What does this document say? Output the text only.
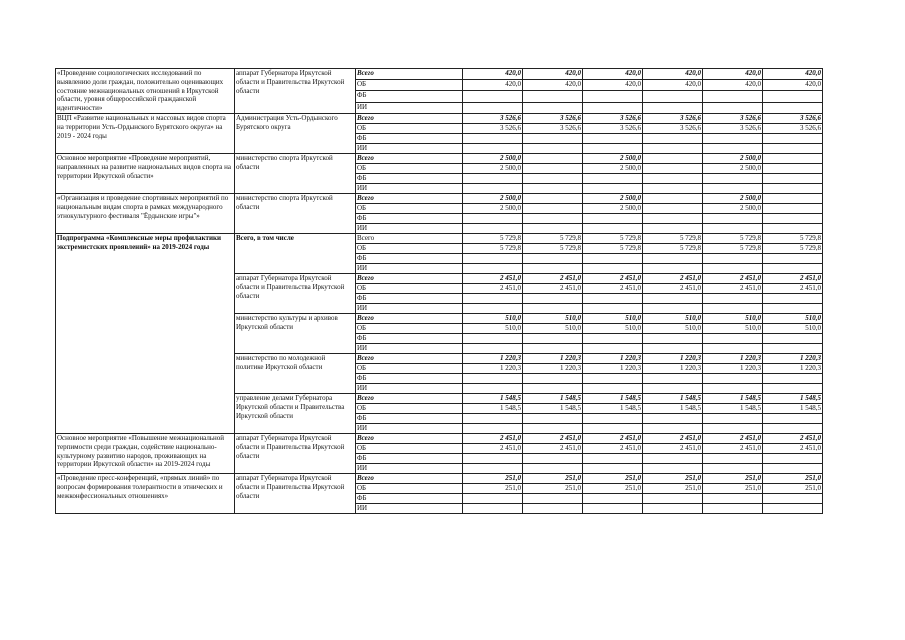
«Проведение социологических исследований по выявлению доли граждан, положительно оценивающих состояние межнациональных отношений в Иркутской области, уровня общероссийской гражданской идентичности»	аппарат Губернатора Иркутской области и Правительства Иркутской области	Всего	420,0	420,0	420,0	420,0	420,0	420,0
		ОБ	420,0	420,0	420,0	420,0	420,0	420,0
		ФБ						
		ИИ						
ВЦП «Развитие национальных и массовых видов спорта на территории Усть-Ордынского Бурятского округа» на 2019 - 2024 годы	Администрация Усть-Ордынского Бурятского округа	Всего	3 526,6	3 526,6	3 526,6	3 526,6	3 526,6	3 526,6
		ОБ	3 526,6	3 526,6	3 526,6	3 526,6	3 526,6	3 526,6
		ФБ						
		ИИ						
Основное мероприятие «Проведение мероприятий, направленных на развитие национальных видов спорта на территории Иркутской области»	министерство спорта Иркутской области	Всего	2 500,0		2 500,0		2 500,0	
		ОБ	2 500,0		2 500,0		2 500,0	
		ФБ						
		ИИ						
«Организация и проведение спортивных мероприятий по национальным видам спорта в рамках международного этнокультурного фестиваля "Ёрдынские игры"»	министерство спорта Иркутской области	Всего	2 500,0		2 500,0		2 500,0	
		ОБ	2 500,0		2 500,0		2 500,0	
		ФБ						
		ИИ						
Подпрограмма «Комплексные меры профилактики экстремистских проявлений» на 2019-2024 годы	Всего, в том числе	Всего	5 729,8	5 729,8	5 729,8	5 729,8	5 729,8	5 729,8
		ОБ	5 729,8	5 729,8	5 729,8	5 729,8	5 729,8	5 729,8
		ФБ						
		ИИ						
	аппарат Губернатора Иркутской области и Правительства Иркутской области	Всего	2 451,0	2 451,0	2 451,0	2 451,0	2 451,0	2 451,0
		ОБ	2 451,0	2 451,0	2 451,0	2 451,0	2 451,0	2 451,0
		ФБ						
		ИИ						
	министерство культуры и архивов Иркутской области	Всего	510,0	510,0	510,0	510,0	510,0	510,0
		ОБ	510,0	510,0	510,0	510,0	510,0	510,0
		ФБ						
		ИИ						
	министерство по молодежной политике Иркутской области	Всего	1 220,3	1 220,3	1 220,3	1 220,3	1 220,3	1 220,3
		ОБ	1 220,3	1 220,3	1 220,3	1 220,3	1 220,3	1 220,3
		ФБ						
		ИИ						
	управление делами Губернатора Иркутской области и Правительства Иркутской области	Всего	1 548,5	1 548,5	1 548,5	1 548,5	1 548,5	1 548,5
		ОБ	1 548,5	1 548,5	1 548,5	1 548,5	1 548,5	1 548,5
		ФБ						
		ИИ						
Основное мероприятие «Повышение межнациональной терпимости среди граждан, содействие национально-культурному развитию народов, проживающих на территории Иркутской области» на 2019-2024 годы	аппарат Губернатора Иркутской области и Правительства Иркутской области	Всего	2 451,0	2 451,0	2 451,0	2 451,0	2 451,0	2 451,0
		ОБ	2 451,0	2 451,0	2 451,0	2 451,0	2 451,0	2 451,0
		ФБ						
		ИИ						
«Проведение пресс-конференций, «прямых линий» по вопросам формирования толерантности в этнических и межконфессиональных отношениях»	аппарат Губернатора Иркутской области и Правительства Иркутской области	Всего	251,0	251,0	251,0	251,0	251,0	251,0
		ОБ	251,0	251,0	251,0	251,0	251,0	251,0
		ФБ						
		ИИ						
